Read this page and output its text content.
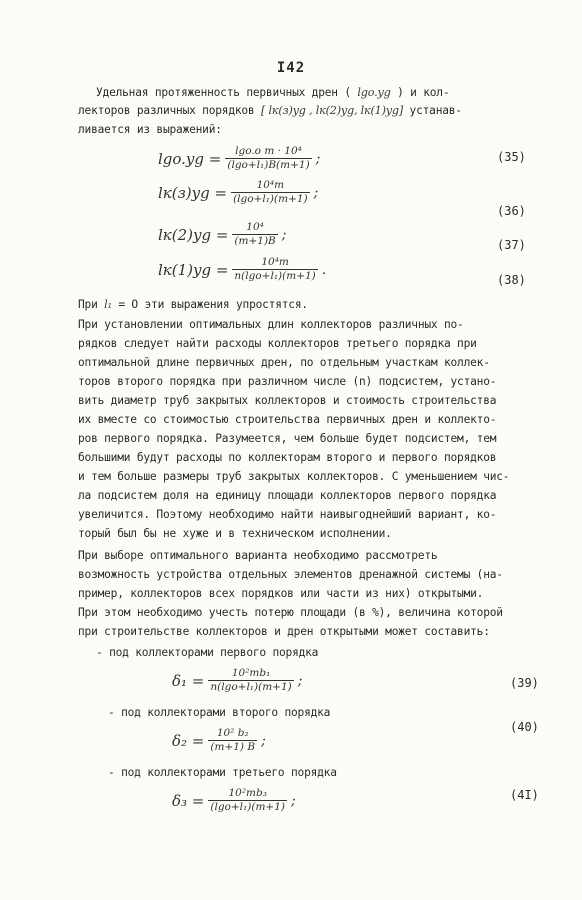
I42
Удельная протяженность первичных дрен ( lgo.yg ) и кол-
лекторов различных порядков [ lк(з)yg , lк(2)yg, lк(1)yg] устанав-
ливается из выражений:
$\lg o.yg = \frac{\text{lgo.o m · 10⁴}}{\text{(lgo+l₁)B(m+1)}}$ ;	(35)
$lк(з)yg = \frac{\text{10⁴m}}{\text{(lgo+l₁)(m+1)}}$ ;
(36)
$lк(2)yg = \frac{\text{10⁴}}{(m+1)B}$ ;
(37)
$lк(1)yg = \frac{\text{10⁴m}}{\text{n(lgo+l₁)(m+1)}}$ .
(38)
При l₁ = О эти выражения упростятся.
При установлении оптимальных длин коллекторов различных по-
рядков следует найти расходы коллекторов третьего порядка при
оптимальной длине первичных дрен, по отдельным участкам коллек-
торов второго порядка при различном числе (n) подсистем, устано-
вить диаметр труб закрытых коллекторов и стоимость строительства
их вместе со стоимостью строительства первичных дрен и коллекто-
ров первого порядка. Разумеется, чем больше будет подсистем, тем
большими будут расходы по коллекторам второго и первого порядков
и тем больше размеры труб закрытых коллекторов. С уменьшением чис-
ла подсистем доля на единицу площади коллекторов первого порядка
увеличится. Поэтому необходимо найти наивыгоднейший вариант, ко-
торый был бы не хуже и в техническом исполнении.
При выборе оптимального варианта необходимо рассмотреть
возможность устройства отдельных элементов дренажной системы (на-
пример, коллекторов всех порядков или части из них) открытыми.
При этом необходимо учесть потерю площади (в %), величина которой
при строительстве коллекторов и дрен открытыми может составить:
- под коллекторами первого порядка
$\delta_1 = \frac{\text{10²mb₁}}{\text{n(lgo+l₁)(m+1)}}$ ;	(39)
- под коллекторами второго порядка
$\delta_2 = \frac{\text{10² b₂}}{(m+1) B}$ ;
(40)
- под коллекторами третьего порядка
$\delta_3 = \frac{\text{10²mb₃}}{\text{(lgo+l₁)(m+1)}}$ ;	(4I)
